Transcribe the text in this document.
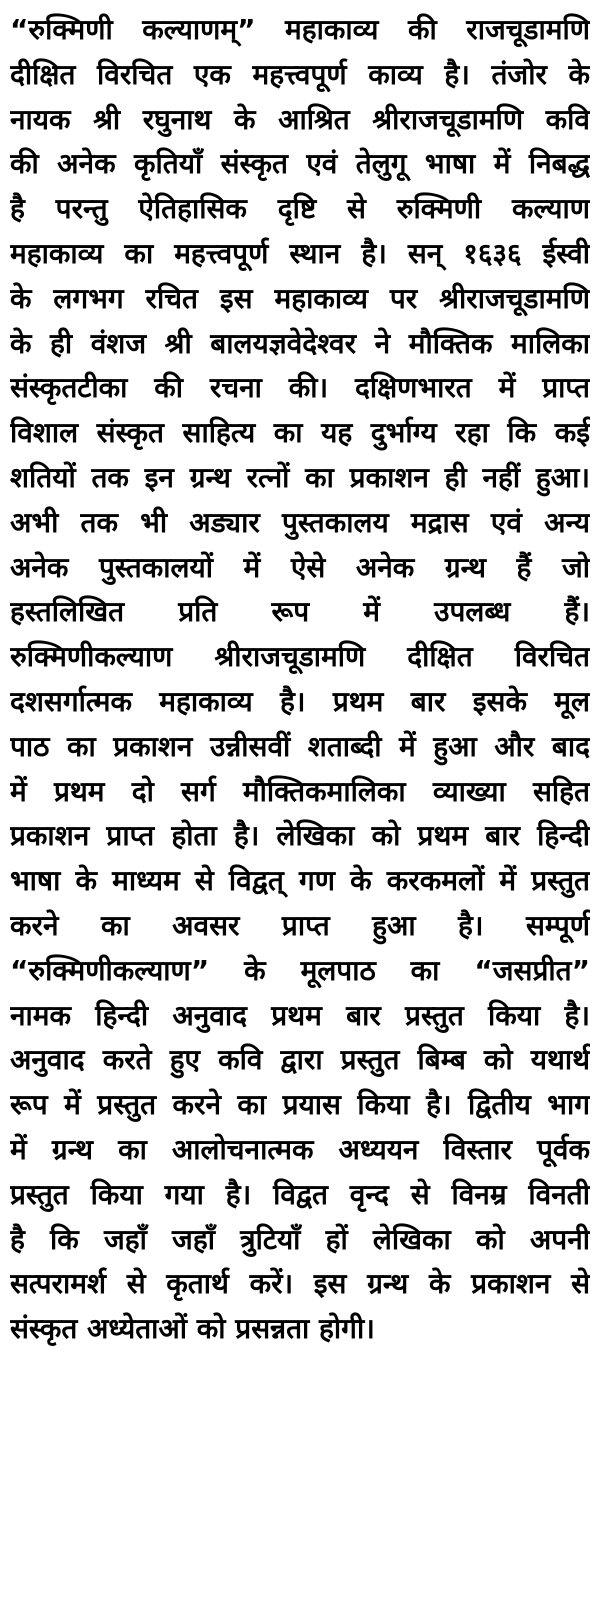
“रुक्मिणी कल्याणम्” महाकाव्य की राजचूडामणि
दीक्षित विरचित एक महत्त्वपूर्ण काव्य है। तंजोर के
नायक श्री रघुनाथ के आश्रित श्रीराजचूडामणि कवि
की अनेक कृतियाँ संस्कृत एवं तेलुगू भाषा में निबद्ध
है परन्तु ऐतिहासिक दृष्टि से रुक्मिणी कल्याण
महाकाव्य का महत्त्वपूर्ण स्थान है। सन् १६३६ ईस्वी
के लगभग रचित इस महाकाव्य पर श्रीराजचूडामणि
के ही वंशज श्री बालयज्ञवेदेश्वर ने मौक्तिक मालिका
संस्कृतटीका की रचना की। दक्षिणभारत में प्राप्त
विशाल संस्कृत साहित्य का यह दुर्भाग्य रहा कि कई
शतियों तक इन ग्रन्थ रत्नों का प्रकाशन ही नहीं हुआ।
अभी तक भी अड्यार पुस्तकालय मद्रास एवं अन्य
अनेक पुस्तकालयों में ऐसे अनेक ग्रन्थ हैं जो
हस्तलिखित प्रति रूप में उपलब्ध हैं।
रुक्मिणीकल्याण श्रीराजचूडामणि दीक्षित विरचित
दशसर्गात्मक महाकाव्य है। प्रथम बार इसके मूल
पाठ का प्रकाशन उन्नीसवीं शताब्दी में हुआ और बाद
में प्रथम दो सर्ग मौक्तिकमालिका व्याख्या सहित
प्रकाशन प्राप्त होता है। लेखिका को प्रथम बार हिन्दी
भाषा के माध्यम से विद्वत् गण के करकमलों में प्रस्तुत
करने का अवसर प्राप्त हुआ है। सम्पूर्ण
“रुक्मिणीकल्याण” के मूलपाठ का “जसप्रीत”
नामक हिन्दी अनुवाद प्रथम बार प्रस्तुत किया है।
अनुवाद करते हुए कवि द्वारा प्रस्तुत बिम्ब को यथार्थ
रूप में प्रस्तुत करने का प्रयास किया है। द्वितीय भाग
में ग्रन्थ का आलोचनात्मक अध्ययन विस्तार पूर्वक
प्रस्तुत किया गया है। विद्वत वृन्द से विनम्र विनती
है कि जहाँ जहाँ त्रुटियाँ हों लेखिका को अपनी
सत्परामर्श से कृतार्थ करें। इस ग्रन्थ के प्रकाशन से
संस्कृत अध्येताओं को प्रसन्नता होगी।
